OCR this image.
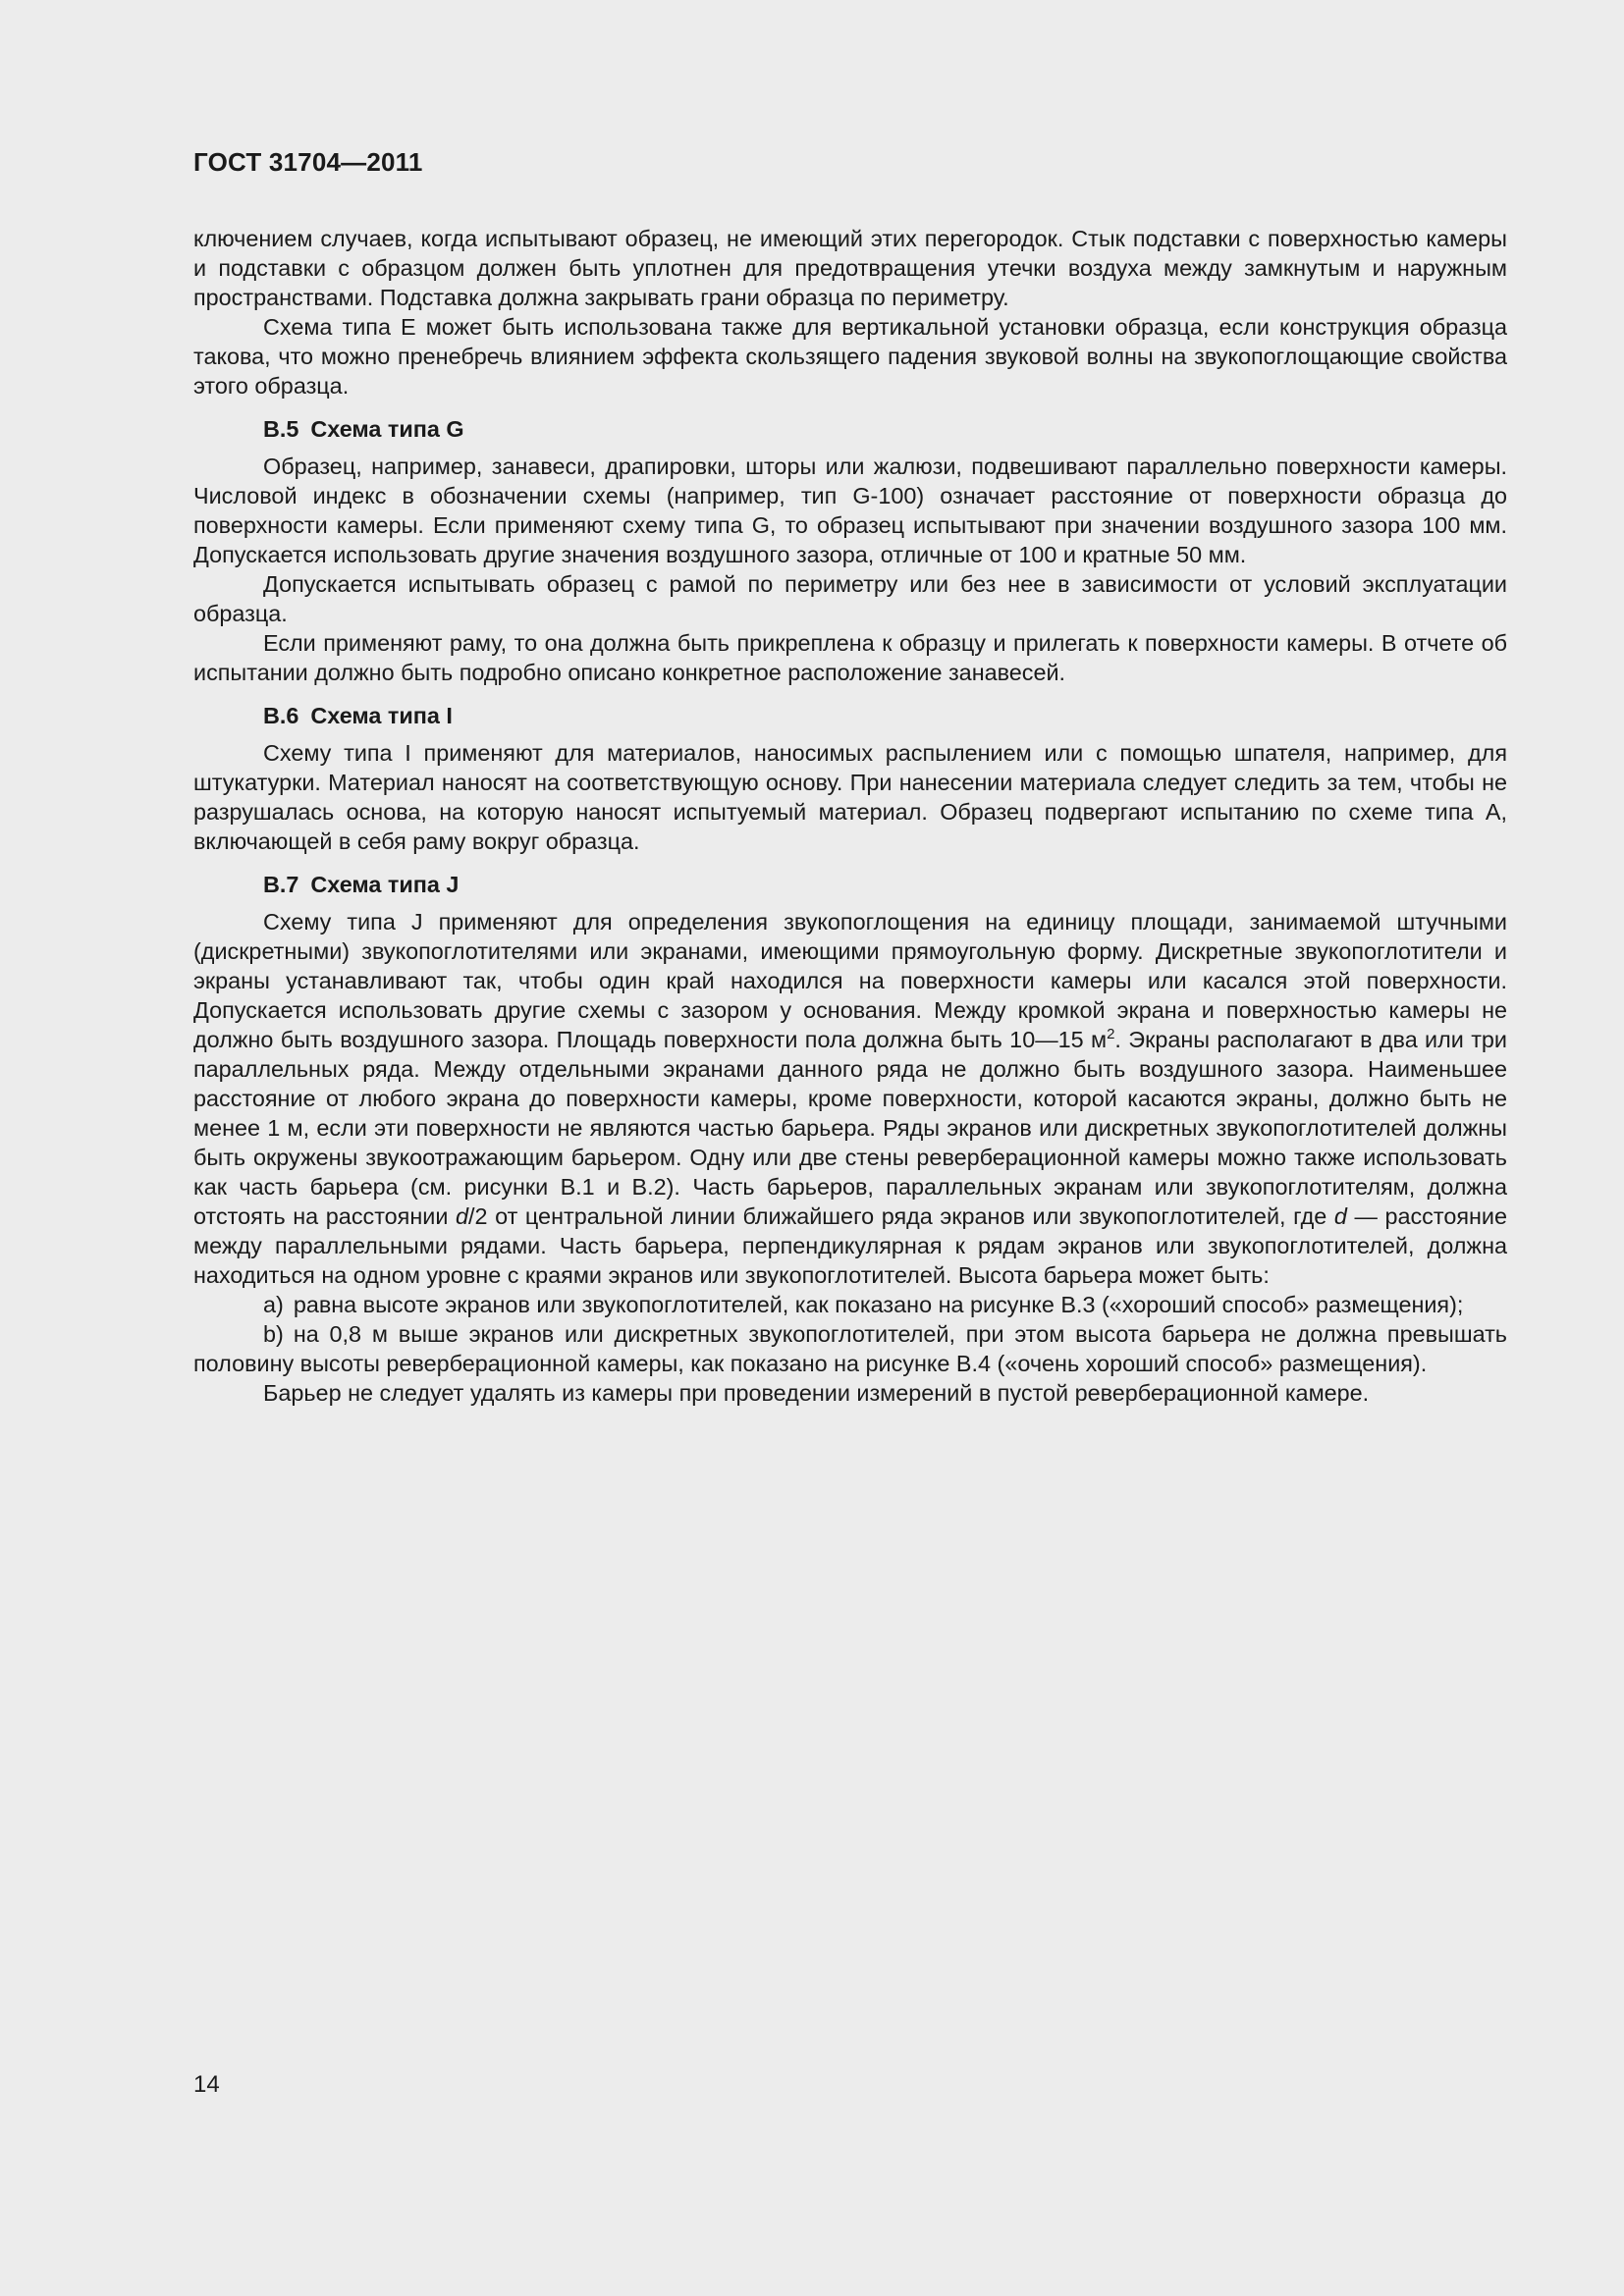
ГОСТ 31704—2011

ключением случаев, когда испытывают образец, не имеющий этих перегородок. Стык подставки с поверхностью камеры и подставки с образцом должен быть уплотнен для предотвращения утечки воздуха между замкнутым и наружным пространствами. Подставка должна закрывать грани образца по периметру.

Схема типа E может быть использована также для вертикальной установки образца, если конструкция образца такова, что можно пренебречь влиянием эффекта скользящего падения звуковой волны на звукопоглощающие свойства этого образца.

В.5 Схема типа G

Образец, например, занавеси, драпировки, шторы или жалюзи, подвешивают параллельно поверхности камеры. Числовой индекс в обозначении схемы (например, тип G-100) означает расстояние от поверхности образца до поверхности камеры. Если применяют схему типа G, то образец испытывают при значении воздушного зазора 100 мм. Допускается использовать другие значения воздушного зазора, отличные от 100 и кратные 50 мм.

Допускается испытывать образец с рамой по периметру или без нее в зависимости от условий эксплуатации образца.

Если применяют раму, то она должна быть прикреплена к образцу и прилегать к поверхности камеры. В отчете об испытании должно быть подробно описано конкретное расположение занавесей.

В.6 Схема типа I

Схему типа I применяют для материалов, наносимых распылением или с помощью шпателя, например, для штукатурки. Материал наносят на соответствующую основу. При нанесении материала следует следить за тем, чтобы не разрушалась основа, на которую наносят испытуемый материал. Образец подвергают испытанию по схеме типа A, включающей в себя раму вокруг образца.

В.7 Схема типа J

Схему типа J применяют для определения звукопоглощения на единицу площади, занимаемой штучными (дискретными) звукопоглотителями или экранами, имеющими прямоугольную форму. Дискретные звукопоглотители и экраны устанавливают так, чтобы один край находился на поверхности камеры или касался этой поверхности. Допускается использовать другие схемы с зазором у основания. Между кромкой экрана и поверхностью камеры не должно быть воздушного зазора. Площадь поверхности пола должна быть 10—15 $м^2$. Экраны располагают в два или три параллельных ряда. Между отдельными экранами данного ряда не должно быть воздушного зазора. Наименьшее расстояние от любого экрана до поверхности камеры, кроме поверхности, которой касаются экраны, должно быть не менее 1 м, если эти поверхности не являются частью барьера. Ряды экранов или дискретных звукопоглотителей должны быть окружены звукоотражающим барьером. Одну или две стены реверберационной камеры можно также использовать как часть барьера (см. рисунки В.1 и В.2). Часть барьеров, параллельных экранам или звукопоглотителям, должна отстоять на расстоянии d/2 от центральной линии ближайшего ряда экранов или звукопоглотителей, где d — расстояние между параллельными рядами. Часть барьера, перпендикулярная к рядам экранов или звукопоглотителей, должна находиться на одном уровне с краями экранов или звукопоглотителей. Высота барьера может быть:

a) равна высоте экранов или звукопоглотителей, как показано на рисунке В.3 («хороший способ» размещения);

b) на 0,8 м выше экранов или дискретных звукопоглотителей, при этом высота барьера не должна превышать половину высоты реверберационной камеры, как показано на рисунке В.4 («очень хороший способ» размещения).

Барьер не следует удалять из камеры при проведении измерений в пустой реверберационной камере.

14
